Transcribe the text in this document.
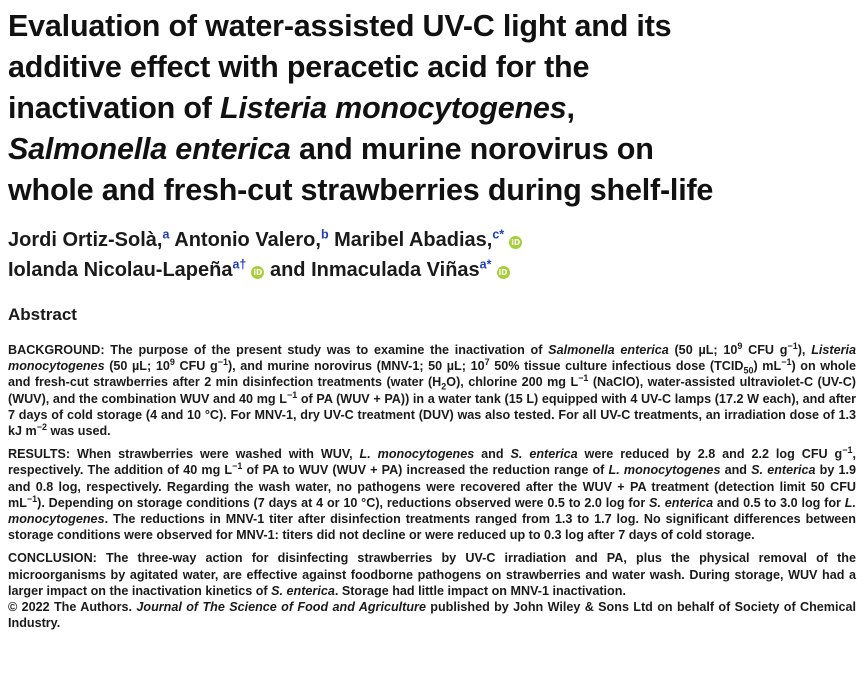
Evaluation of water-assisted UV-C light and its
additive effect with peracetic acid for the
inactivation of Listeria monocytogenes,
Salmonella enterica and murine norovirus on
whole and fresh-cut strawberries during shelf-life
Jordi Ortiz-Solà,$^a$ Antonio Valero,$^b$ Maribel Abadias,$^{c*}$iD
Iolanda Nicolau-Lapeña$^{a\dagger}$iD and Inmaculada Viñas$^{a*}$iD
Abstract

BACKGROUND: The purpose of the present study was to examine the inactivation of Salmonella enterica (50 µL; $10^9$ CFU $g^{-1}$), Listeria monocytogenes (50 µL; $10^9$ CFU $g^{-1}$), and murine norovirus (MNV-1; 50 µL; $10^7$ 50% tissue culture infectious dose $(TCID_{50})$ $mL^{-1}$) on whole and fresh-cut strawberries after 2 min disinfection treatments (water $(H_2O)$, chlorine 200 mg $L^{-1}$ (NaClO), water-assisted ultraviolet-C (UV-C) (WUV), and the combination WUV and 40 mg $L^{-1}$ of PA (WUV + PA)) in a water tank (15 L) equipped with 4 UV-C lamps (17.2 W each), and after 7 days of cold storage (4 and 10 °C). For MNV-1, dry UV-C treatment (DUV) was also tested. For all UV-C treatments, an irradiation dose of 1.3 kJ $m^{-2}$ was used.

RESULTS: When strawberries were washed with WUV, L. monocytogenes and S. enterica were reduced by 2.8 and 2.2 log CFU $g^{-1}$, respectively. The addition of 40 mg $L^{-1}$ of PA to WUV (WUV + PA) increased the reduction range of L. monocytogenes and S. enterica by 1.9 and 0.8 log, respectively. Regarding the wash water, no pathogens were recovered after the WUV + PA treatment (detection limit 50 CFU $mL^{-1}$). Depending on storage conditions (7 days at 4 or 10 °C), reductions observed were 0.5 to 2.0 log for S. enterica and 0.5 to 3.0 log for L. monocytogenes. The reductions in MNV-1 titer after disinfection treatments ranged from 1.3 to 1.7 log. No significant differences between storage conditions were observed for MNV-1: titers did not decline or were reduced up to 0.3 log after 7 days of cold storage.

CONCLUSION: The three-way action for disinfecting strawberries by UV-C irradiation and PA, plus the physical removal of the microorganisms by agitated water, are effective against foodborne pathogens on strawberries and water wash. During storage, WUV had a larger impact on the inactivation kinetics of S. enterica. Storage had little impact on MNV-1 inactivation.
© 2022 The Authors. Journal of The Science of Food and Agriculture published by John Wiley & Sons Ltd on behalf of Society of Chemical Industry.
